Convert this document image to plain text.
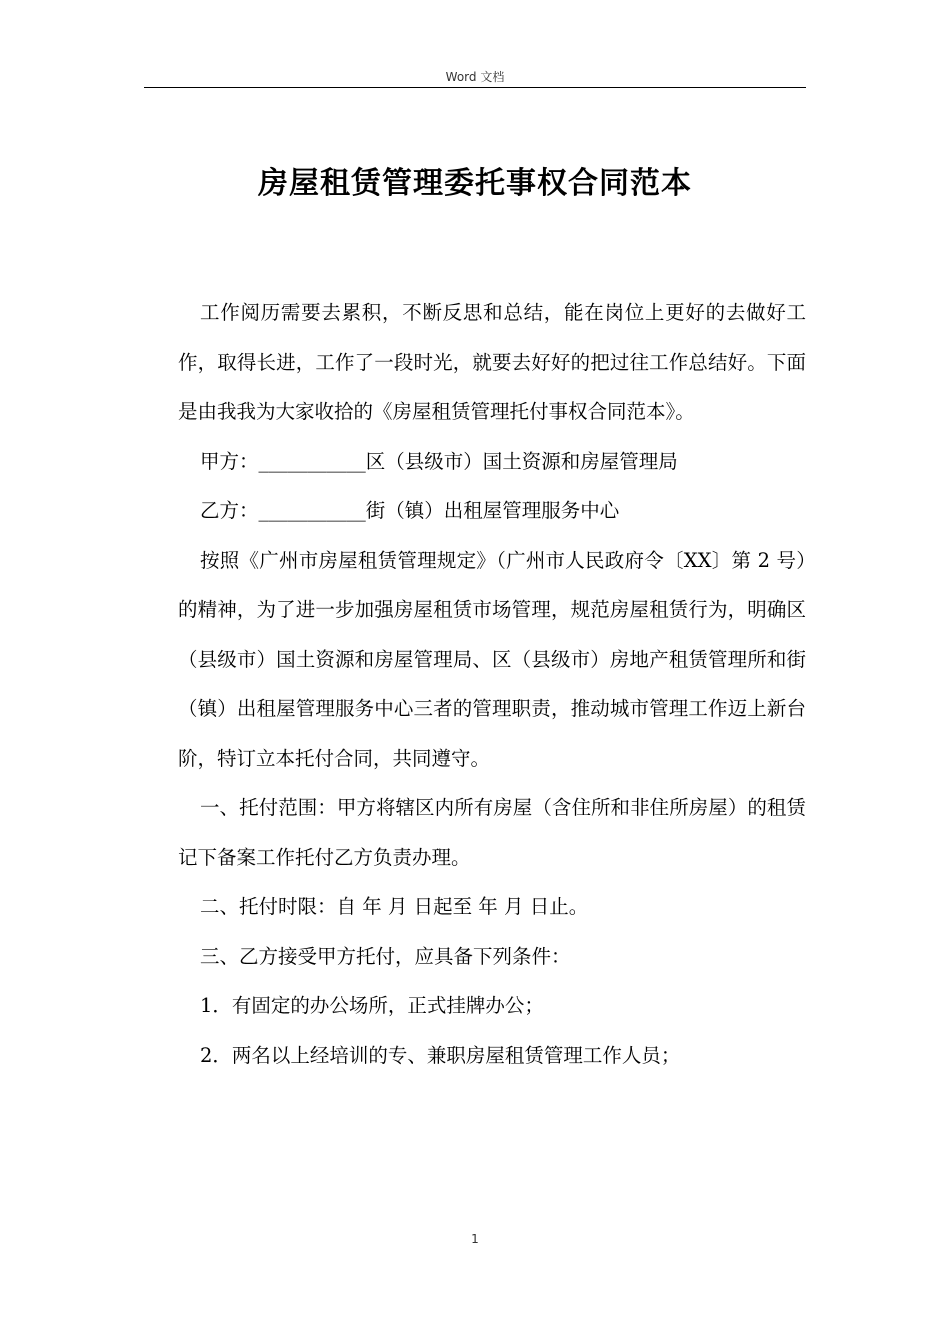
Word 文档
房屋租赁管理委托事权合同范本

工作阅历需要去累积，不断反思和总结，能在岗位上更好的去做好工作，取得长进，工作了一段时光，就要去好好的把过往工作总结好。下面是由我我为大家收拾的《房屋租赁管理托付事权合同范本》。

甲方：___________区（县级市）国土资源和房屋管理局

乙方：___________街（镇）出租屋管理服务中心

按照《广州市房屋租赁管理规定》（广州市人民政府令〔XX〕第 2 号）的精神，为了进一步加强房屋租赁市场管理，规范房屋租赁行为，明确区（县级市）国土资源和房屋管理局、区（县级市）房地产租赁管理所和街（镇）出租屋管理服务中心三者的管理职责，推动城市管理工作迈上新台阶，特订立本托付合同，共同遵守。

一、托付范围：甲方将辖区内所有房屋（含住所和非住所房屋）的租赁记下备案工作托付乙方负责办理。

二、托付时限：自 年 月 日起至 年 月 日止。

三、乙方接受甲方托付，应具备下列条件：

1．有固定的办公场所，正式挂牌办公；

2．两名以上经培训的专、兼职房屋租赁管理工作人员；

1
